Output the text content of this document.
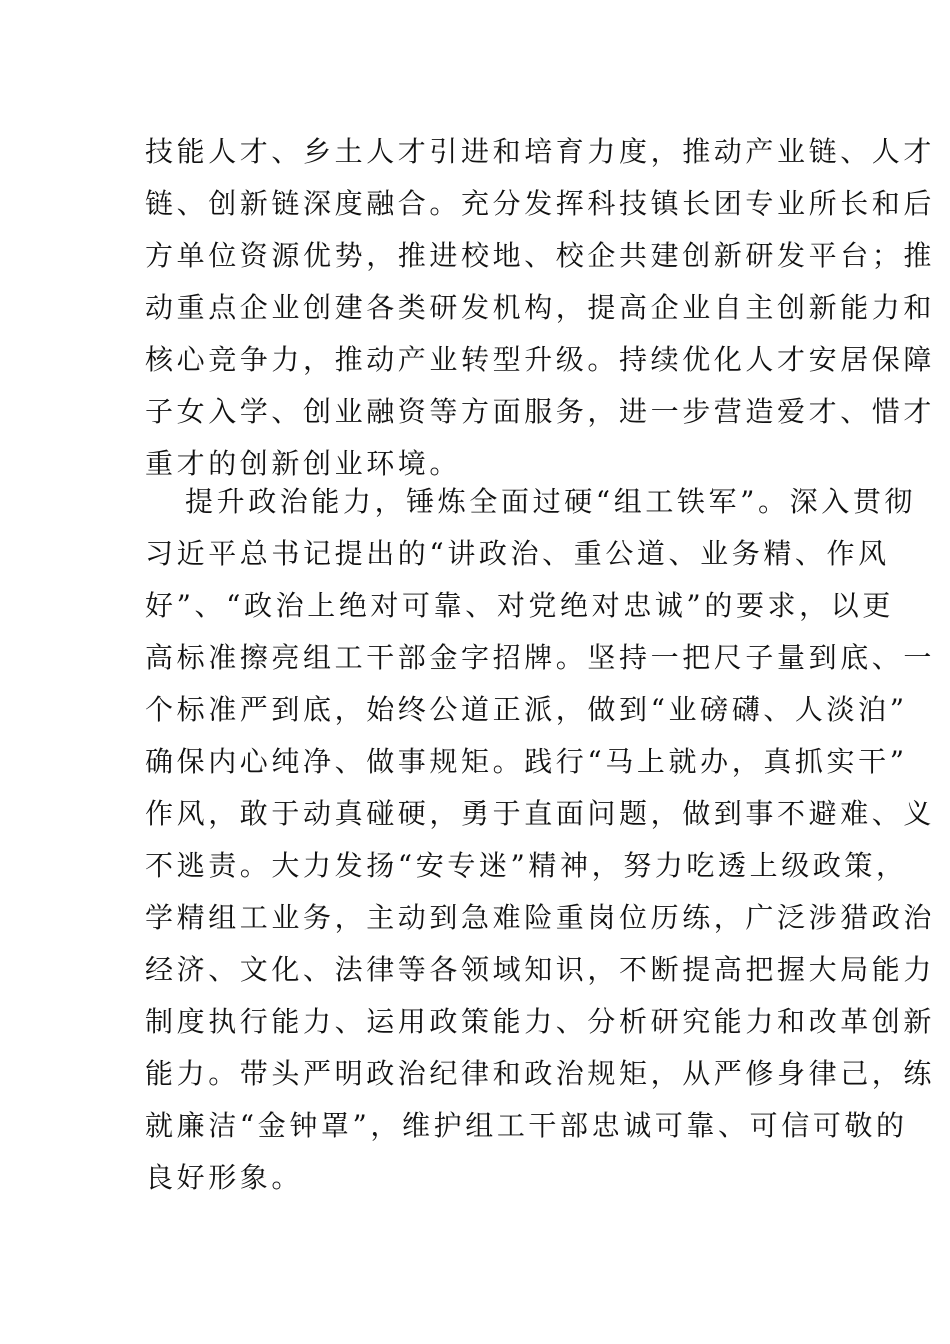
技能人才、乡土人才引进和培育力度，推动产业链、人才
链、创新链深度融合。充分发挥科技镇长团专业所长和后
方单位资源优势，推进校地、校企共建创新研发平台；推
动重点企业创建各类研发机构，提高企业自主创新能力和
核心竞争力，推动产业转型升级。持续优化人才安居保障
子女入学、创业融资等方面服务，进一步营造爱才、惜才
重才的创新创业环境。
提升政治能力，锤炼全面过硬“组工铁军”。深入贯彻
习近平总书记提出的“讲政治、重公道、业务精、作风
好”、“政治上绝对可靠、对党绝对忠诚”的要求，以更
高标准擦亮组工干部金字招牌。坚持一把尺子量到底、一
个标准严到底，始终公道正派，做到“业磅礴、人淡泊”
确保内心纯净、做事规矩。践行“马上就办，真抓实干”
作风，敢于动真碰硬，勇于直面问题，做到事不避难、义
不逃责。大力发扬“安专迷”精神，努力吃透上级政策，
学精组工业务，主动到急难险重岗位历练，广泛涉猎政治
经济、文化、法律等各领域知识，不断提高把握大局能力
制度执行能力、运用政策能力、分析研究能力和改革创新
能力。带头严明政治纪律和政治规矩，从严修身律己，练
就廉洁“金钟罩”，维护组工干部忠诚可靠、可信可敬的
良好形象。
